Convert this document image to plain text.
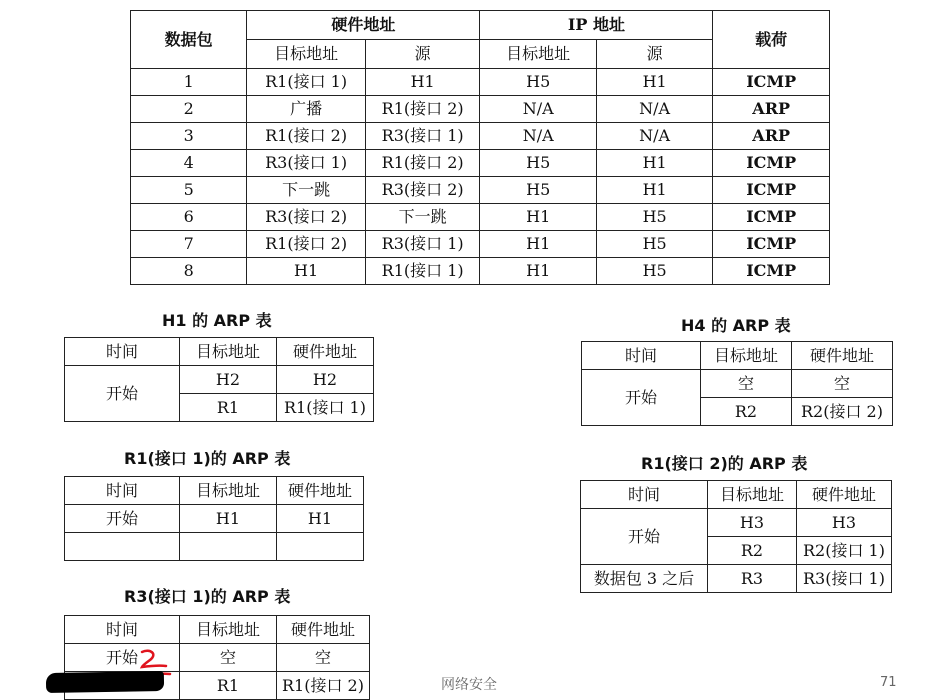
数据包	硬件地址		IP 地址		载荷
	目标地址	源	目标地址	源	
1	R1(接口 1)	H1	H5	H1	ICMP
2	广播	R1(接口 2)	N/A	N/A	ARP
3	R1(接口 2)	R3(接口 1)	N/A	N/A	ARP
4	R3(接口 1)	R1(接口 2)	H5	H1	ICMP
5	下一跳	R3(接口 2)	H5	H1	ICMP
6	R3(接口 2)	下一跳	H1	H5	ICMP
7	R1(接口 2)	R3(接口 1)	H1	H5	ICMP
8	H1	R1(接口 1)	H1	H5	ICMP
H1 的 ARP 表
时间	目标地址	硬件地址
开始	H2	H2
	R1	R1(接口 1)
R1(接口 1)的 ARP 表
时间	目标地址	硬件地址
开始	H1	H1

R3(接口 1)的 ARP 表
时间	目标地址	硬件地址
开始	空	空
	R1	R1(接口 2)
H4 的 ARP 表
时间	目标地址	硬件地址
开始	空	空
	R2	R2(接口 2)
R1(接口 2)的 ARP 表
时间	目标地址	硬件地址
开始	H3	H3
	R2	R2(接口 1)
数据包 3 之后	R3	R3(接口 1)
网络安全	71
